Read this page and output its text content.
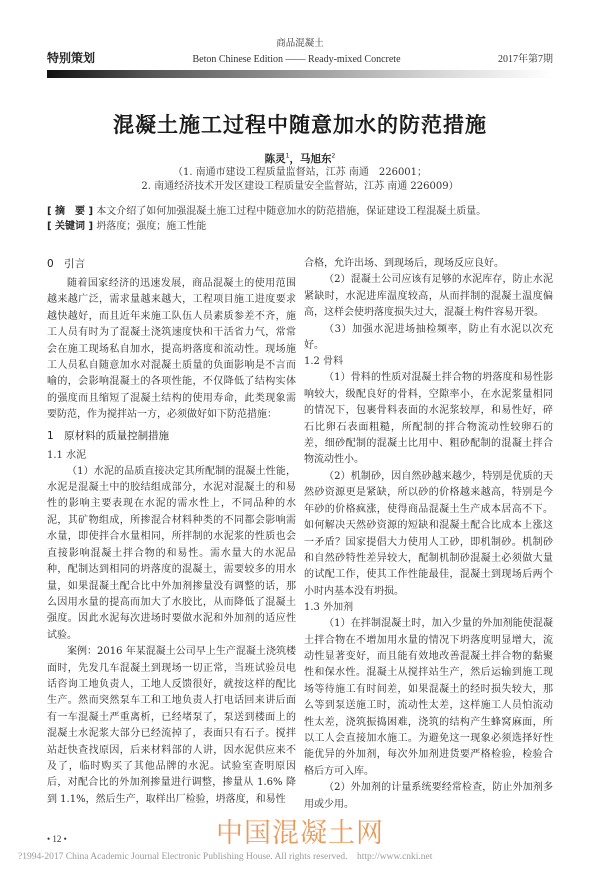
商品混凝土
特别策划	Beton Chinese Edition —— Ready-mixed Concrete	2017年第7期
混凝土施工过程中随意加水的防范措施
陈灵$^1$，马旭东$^2$
（1. 南通市建设工程质量监督站，江苏 南通　226001；
2. 南通经济技术开发区建设工程质量安全监督站，江苏 南通 226009）
[ 摘　要 ] 本文介绍了如何加强混凝土施工过程中随意加水的防范措施，保证建设工程混凝土质量。
[ 关键词 ] 坍落度；强度；施工性能
0　引言

随着国家经济的迅速发展，商品混凝土的使用范围越来越广泛，需求量越来越大，工程项目施工进度要求越快越好，而且近年来施工队伍人员素质参差不齐，施工人员有时为了混凝土浇筑速度快和干活省力气，常常会在施工现场私自加水，提高坍落度和流动性。现场施工人员私自随意加水对混凝土质量的负面影响是不言而喻的，会影响混凝土的各项性能，不仅降低了结构实体的强度而且缩短了混凝土结构的使用寿命，此类现象需要防范，作为搅拌站一方，必须做好如下防范措施：

1　原材料的质量控制措施
1.1 水泥

（1）水泥的品质直接决定其所配制的混凝土性能，水泥是混凝土中的胶结组成部分，水泥对混凝土的和易性的影响主要表现在水泥的需水性上，不同品种的水泥，其矿物组成，所掺混合材料种类的不同都会影响需水量，即使拌合水量相同，所拌制的水泥浆的性质也会直接影响混凝土拌合物的和易性。需水量大的水泥品种，配制达到相同的坍落度的混凝土，需要较多的用水量，如果混凝土配合比中外加剂掺量没有调整的话，那么因用水量的提高而加大了水胶比，从而降低了混凝土强度。因此水泥每次进场时要做水泥和外加剂的适应性试验。

案例：2016 年某混凝土公司早上生产混凝土浇筑楼面时，先发几车混凝土到现场一切正常，当班试验员电话咨询工地负责人，工地人反馈很好，就按这样的配比生产。然而突然泵车工和工地负责人打电话回来讲后面有一车混凝土严重离析，已经堵泵了，泵送到楼面上的混凝土水泥浆大部分已经流掉了，表面只有石子。搅拌站赶快查找原因，后来材料部的人讲，因水泥供应来不及了，临时购买了其他品牌的水泥。试验室查明原因后，对配合比的外加剂掺量进行调整，掺量从 1.6% 降到 1.1%，然后生产，取样出厂检验，坍落度，和易性

合格，允许出场、到现场后，现场反应良好。

（2）混凝土公司应该有足够的水泥库存，防止水泥紧缺时，水泥进库温度较高，从而拌制的混凝土温度偏高，这样会使坍落度损失过大，混凝土构件容易开裂。

（3）加强水泥进场抽检频率，防止有水泥以次充好。

1.2 骨料

（1）骨料的性质对混凝土拌合物的坍落度和易性影响较大，级配良好的骨料，空隙率小，在水泥浆量相同的情况下，包裹骨料表面的水泥浆较厚，和易性好，碎石比卵石表面粗糙，所配制的拌合物流动性较卵石的差，细砂配制的混凝土比用中、粗砂配制的混凝土拌合物流动性小。

（2）机制砂，因自然砂越来越少，特别是优质的天然砂资源更是紧缺，所以砂的价格越来越高，特别是今年砂的价格疯涨，使得商品混凝土生产成本居高不下。如何解决天然砂资源的短缺和混凝土配合比成本上涨这一矛盾？国家提倡大力使用人工砂，即机制砂。机制砂和自然砂特性差异较大，配制机制砂混凝土必须做大量的试配工作，使其工作性能最佳，混凝土到现场后两个小时内基本没有坍损。

1.3 外加剂

（1）在拌制混凝土时，加入少量的外加剂能使混凝土拌合物在不增加用水量的情况下坍落度明显增大，流动性显著变好，而且能有效地改善混凝土拌合物的黏聚性和保水性。混凝土从搅拌站生产，然后运输到施工现场等待施工有时间差，如果混凝土的经时损失较大，那么等到泵送施工时，流动性太差，这样施工人员怕流动性太差，浇筑振捣困难，浇筑的结构产生蜂窝麻面，所以工人会直接加水施工。为避免这一现象必须选择好性能优异的外加剂，每次外加剂进货要严格检验，检验合格后方可入库。

（2）外加剂的计量系统要经常检查，防止外加剂多用或少用。

• 12 •	中国混凝土网
?1994-2017 China Academic Journal Electronic Publishing House. All rights reserved.    http://www.cnki.net
